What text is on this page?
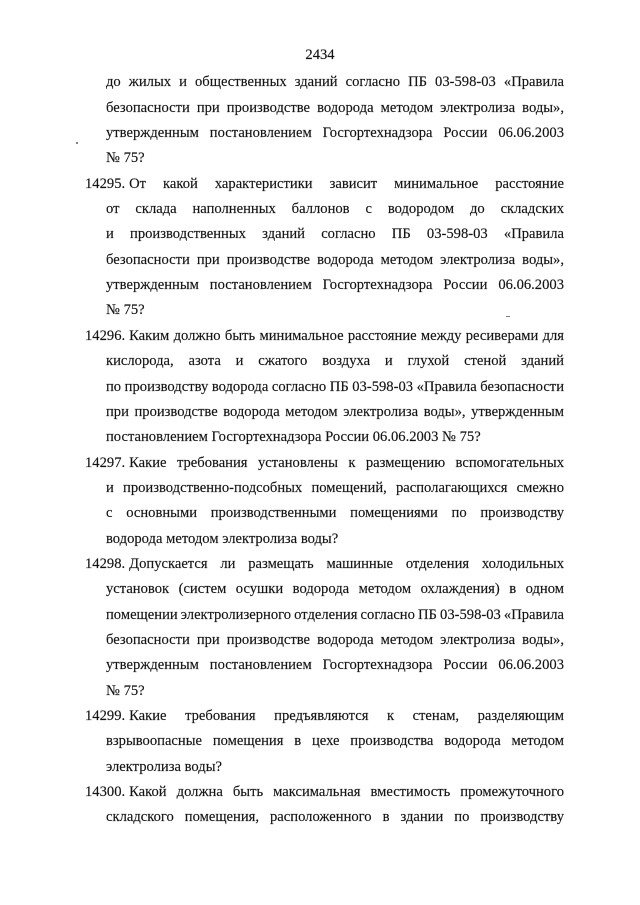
2434
до жилых и общественных зданий согласно ПБ 03-598-03 «Правила
безопасности при производстве водорода методом электролиза воды»,
утвержденным постановлением Госгортехнадзора России 06.06.2003
№ 75?
14295. От какой характеристики зависит минимальное расстояние
от склада наполненных баллонов с водородом до складских
и производственных зданий согласно ПБ 03-598-03 «Правила
безопасности при производстве водорода методом электролиза воды»,
утвержденным постановлением Госгортехнадзора России 06.06.2003
№ 75?
14296. Каким должно быть минимальное расстояние между ресиверами для
кислорода, азота и сжатого воздуха и глухой стеной зданий
по производству водорода согласно ПБ 03-598-03 «Правила безопасности
при производстве водорода методом электролиза воды», утвержденным
постановлением Госгортехнадзора России 06.06.2003 № 75?
14297. Какие требования установлены к размещению вспомогательных
и производственно-подсобных помещений, располагающихся смежно
с основными производственными помещениями по производству
водорода методом электролиза воды?
14298. Допускается ли размещать машинные отделения холодильных
установок (систем осушки водорода методом охлаждения) в одном
помещении электролизерного отделения согласно ПБ 03-598-03 «Правила
безопасности при производстве водорода методом электролиза воды»,
утвержденным постановлением Госгортехнадзора России 06.06.2003
№ 75?
14299. Какие требования предъявляются к стенам, разделяющим
взрывоопасные помещения в цехе производства водорода методом
электролиза воды?
14300. Какой должна быть максимальная вместимость промежуточного
складского помещения, расположенного в здании по производству
